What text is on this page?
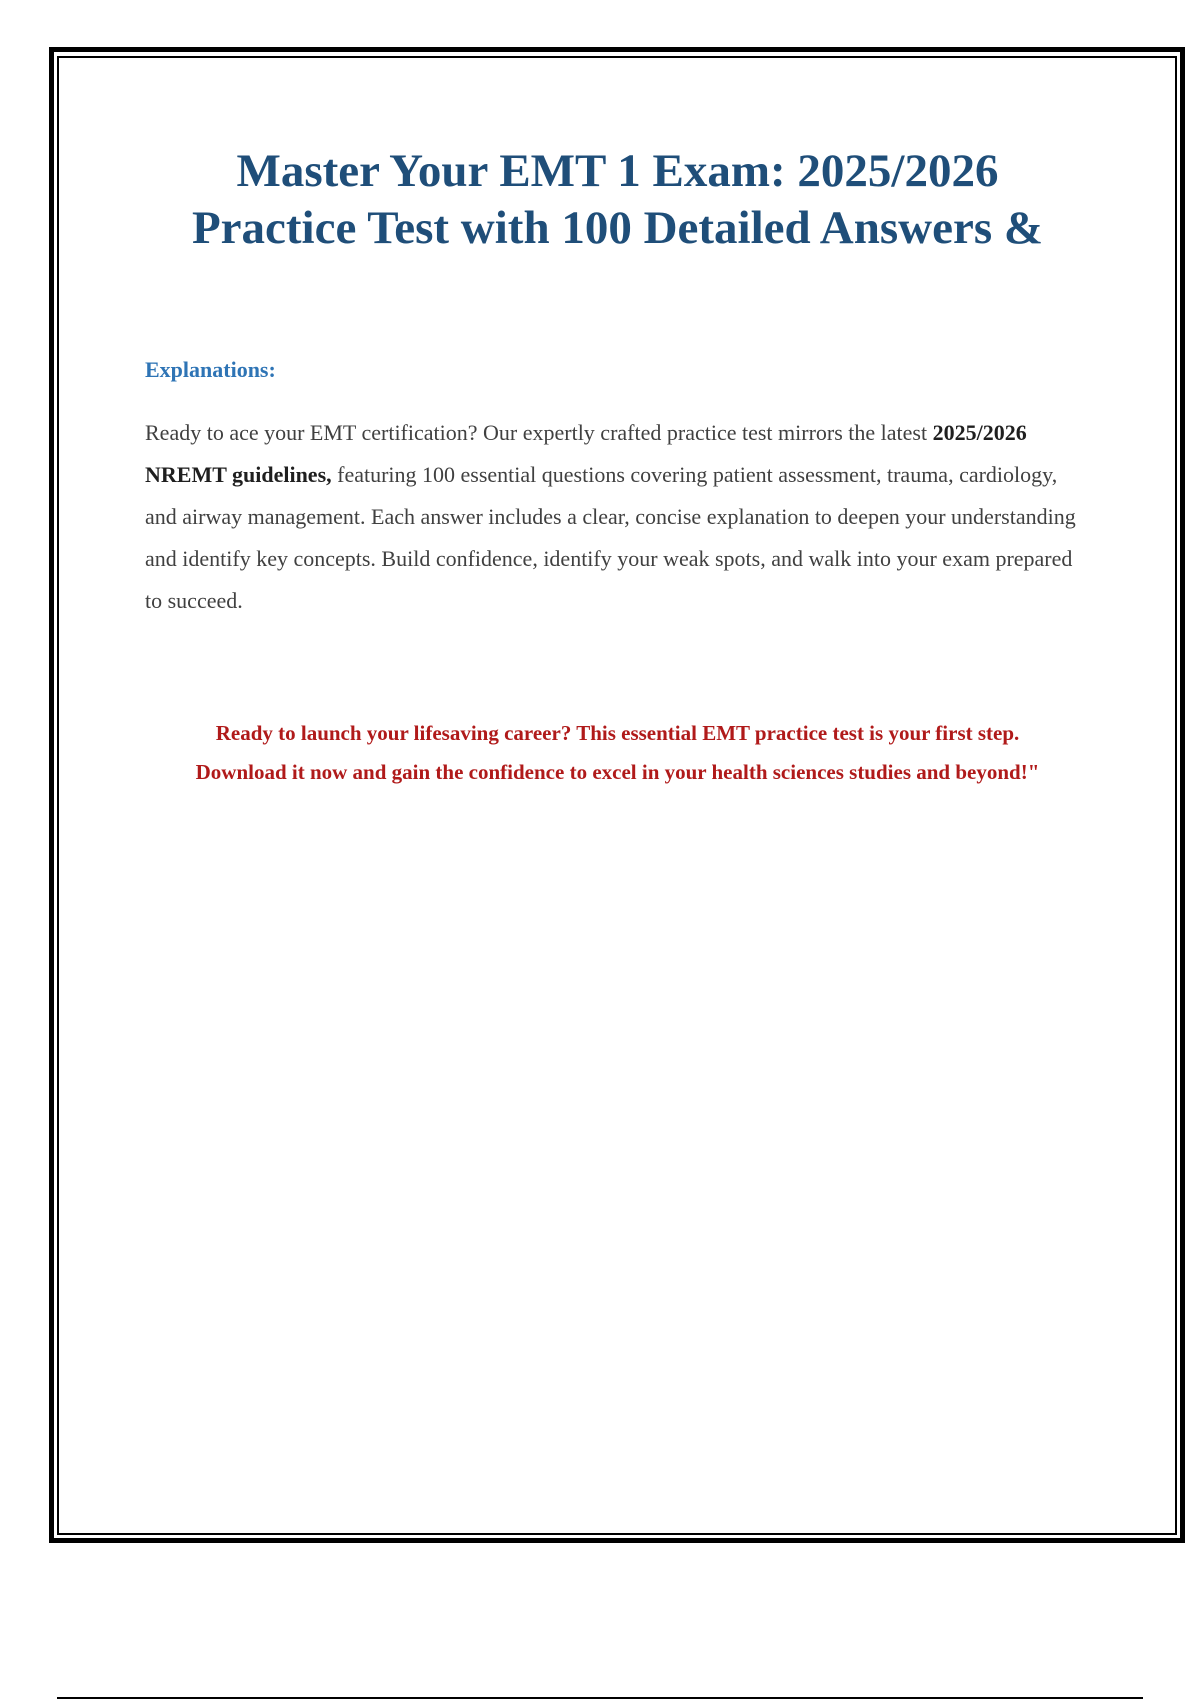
Master Your EMT 1 Exam: 2025/2026
Practice Test with 100 Detailed Answers &
Explanations:

Ready to ace your EMT certification? Our expertly crafted practice test mirrors the latest 2025/2026 NREMT guidelines, featuring 100 essential questions covering patient assessment, trauma, cardiology, and airway management. Each answer includes a clear, concise explanation to deepen your understanding and identify key concepts. Build confidence, identify your weak spots, and walk into your exam prepared to succeed.

Ready to launch your lifesaving career? This essential EMT practice test is your first step.
Download it now and gain the confidence to excel in your health sciences studies and beyond!"
